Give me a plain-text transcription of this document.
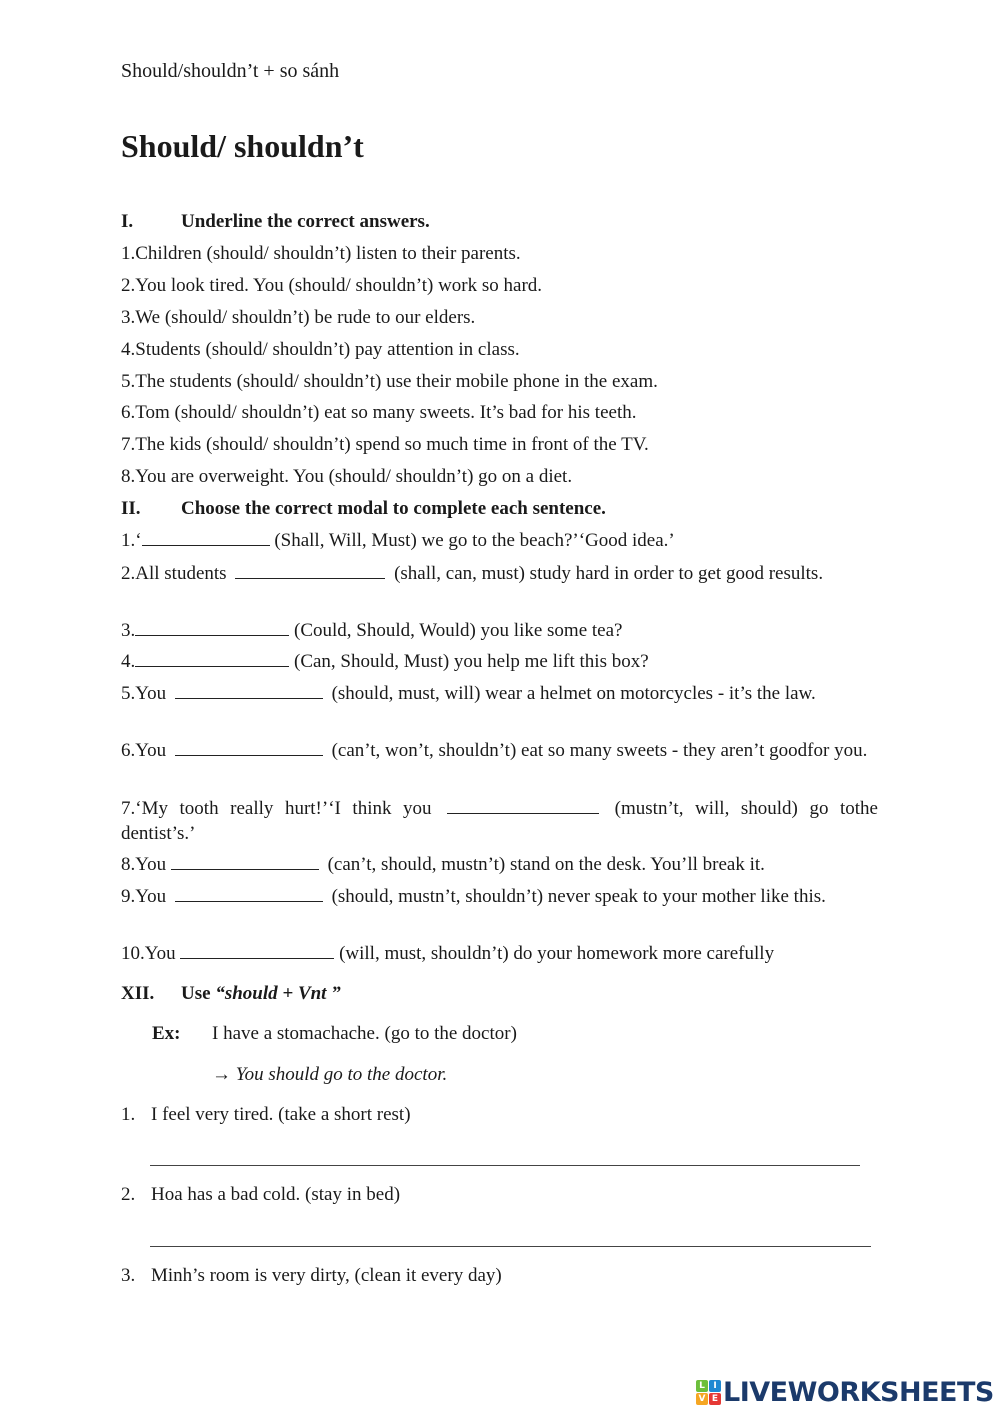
Should/shouldn’t + so sánh
Should/ shouldn’t
I.	Underline the correct answers.
1.Children (should/ shouldn’t) listen to their parents.
2.You look tired. You (should/ shouldn’t) work so hard.
3.We (should/ shouldn’t) be rude to our elders.
4.Students (should/ shouldn’t) pay attention in class.
5.The students (should/ shouldn’t) use their mobile phone in the exam.
6.Tom (should/ shouldn’t) eat so many sweets. It’s bad for his teeth.
7.The kids (should/ shouldn’t) spend so much time in front of the TV.
8.You are overweight. You (should/ shouldn’t) go on a diet.
II. Choose the correct modal to complete each sentence.
1.‘	(Shall, Will, Must) we go to the beach?’‘Good idea.’
2.All students	(shall, can, must) study hard in order to get good results.
3.	(Could, Should, Would) you like some tea?
4.	(Can, Should, Must) you help me lift this box?
5.You	(should, must, will) wear a helmet on motorcycles - it’s the law.
6.You	(can’t, won’t, shouldn’t) eat so many sweets - they aren’t goodfor you.
7.‘My tooth really hurt!’‘I think you	(mustn’t, will, should) go tothe dentist’s.’
8.You	(can’t, should, mustn’t) stand on the desk. You’ll break it.
9.You	(should, mustn’t, shouldn’t) never speak to your mother like this.
10.You	(will, must, shouldn’t) do your homework more carefully
XII. Use “should + Vnt ”
Ex: I have a stomachache. (go to the doctor)
→ You should go to the doctor.
1. I feel very tired. (take a short rest)
2. Hoa has a bad cold. (stay in bed)
3. Minh’s room is very dirty, (clean it every day)
L I
V E LIVEWORKSHEETS
